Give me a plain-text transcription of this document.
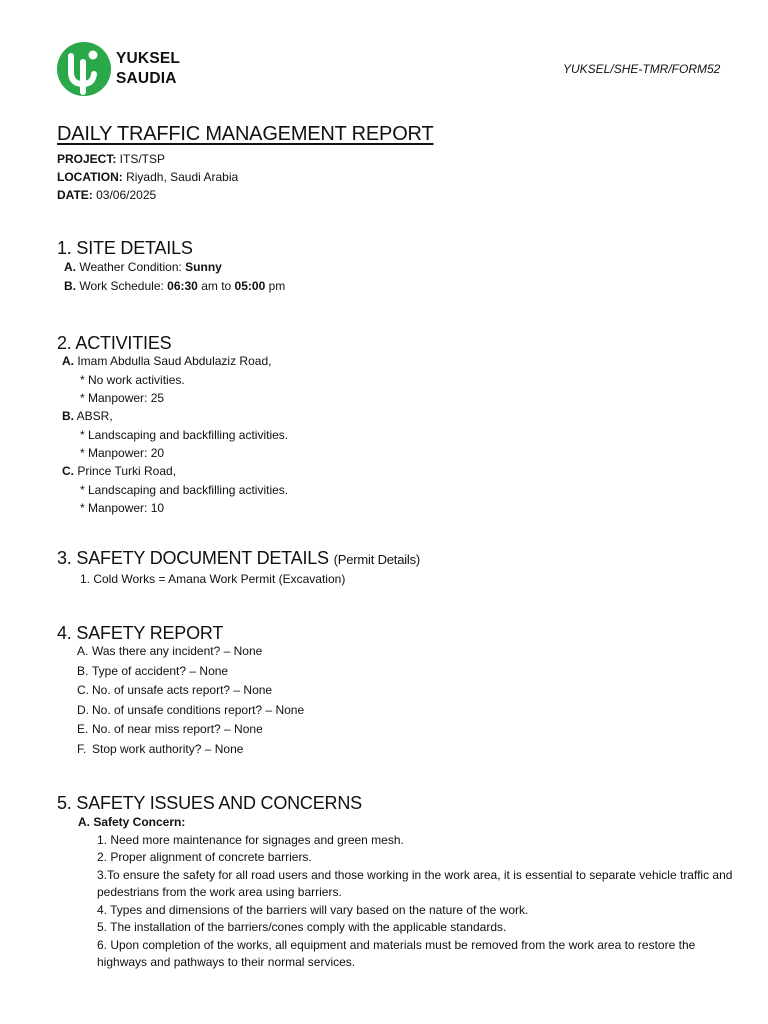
YUKSEL
SAUDIA
YUKSEL/SHE-TMR/FORM52
DAILY TRAFFIC MANAGEMENT REPORT
PROJECT: ITS/TSP
LOCATION: Riyadh, Saudi Arabia
DATE: 03/06/2025
1. SITE DETAILS
A. Weather Condition: Sunny
B. Work Schedule: 06:30 am to 05:00 pm
2. ACTIVITIES
A. Imam Abdulla Saud Abdulaziz Road,
* No work activities.
* Manpower: 25
B. ABSR,
* Landscaping and backfilling activities.
* Manpower: 20
C. Prince Turki Road,
* Landscaping and backfilling activities.
* Manpower: 10
3. SAFETY DOCUMENT DETAILS (Permit Details)
1. Cold Works = Amana Work Permit (Excavation)
4. SAFETY REPORT
A. Was there any incident? – None
B. Type of accident? – None
C. No. of unsafe acts report? – None
D. No. of unsafe conditions report? – None
E. No. of near miss report? – None
F. Stop work authority? – None
5. SAFETY ISSUES AND CONCERNS
A. Safety Concern:
1. Need more maintenance for signages and green mesh.
2. Proper alignment of concrete barriers.
3.To ensure the safety for all road users and those working in the work area, it is essential to separate vehicle traffic and pedestrians from the work area using barriers.
4. Types and dimensions of the barriers will vary based on the nature of the work.
5. The installation of the barriers/cones comply with the applicable standards.
6. Upon completion of the works, all equipment and materials must be removed from the work area to restore the highways and pathways to their normal services.
